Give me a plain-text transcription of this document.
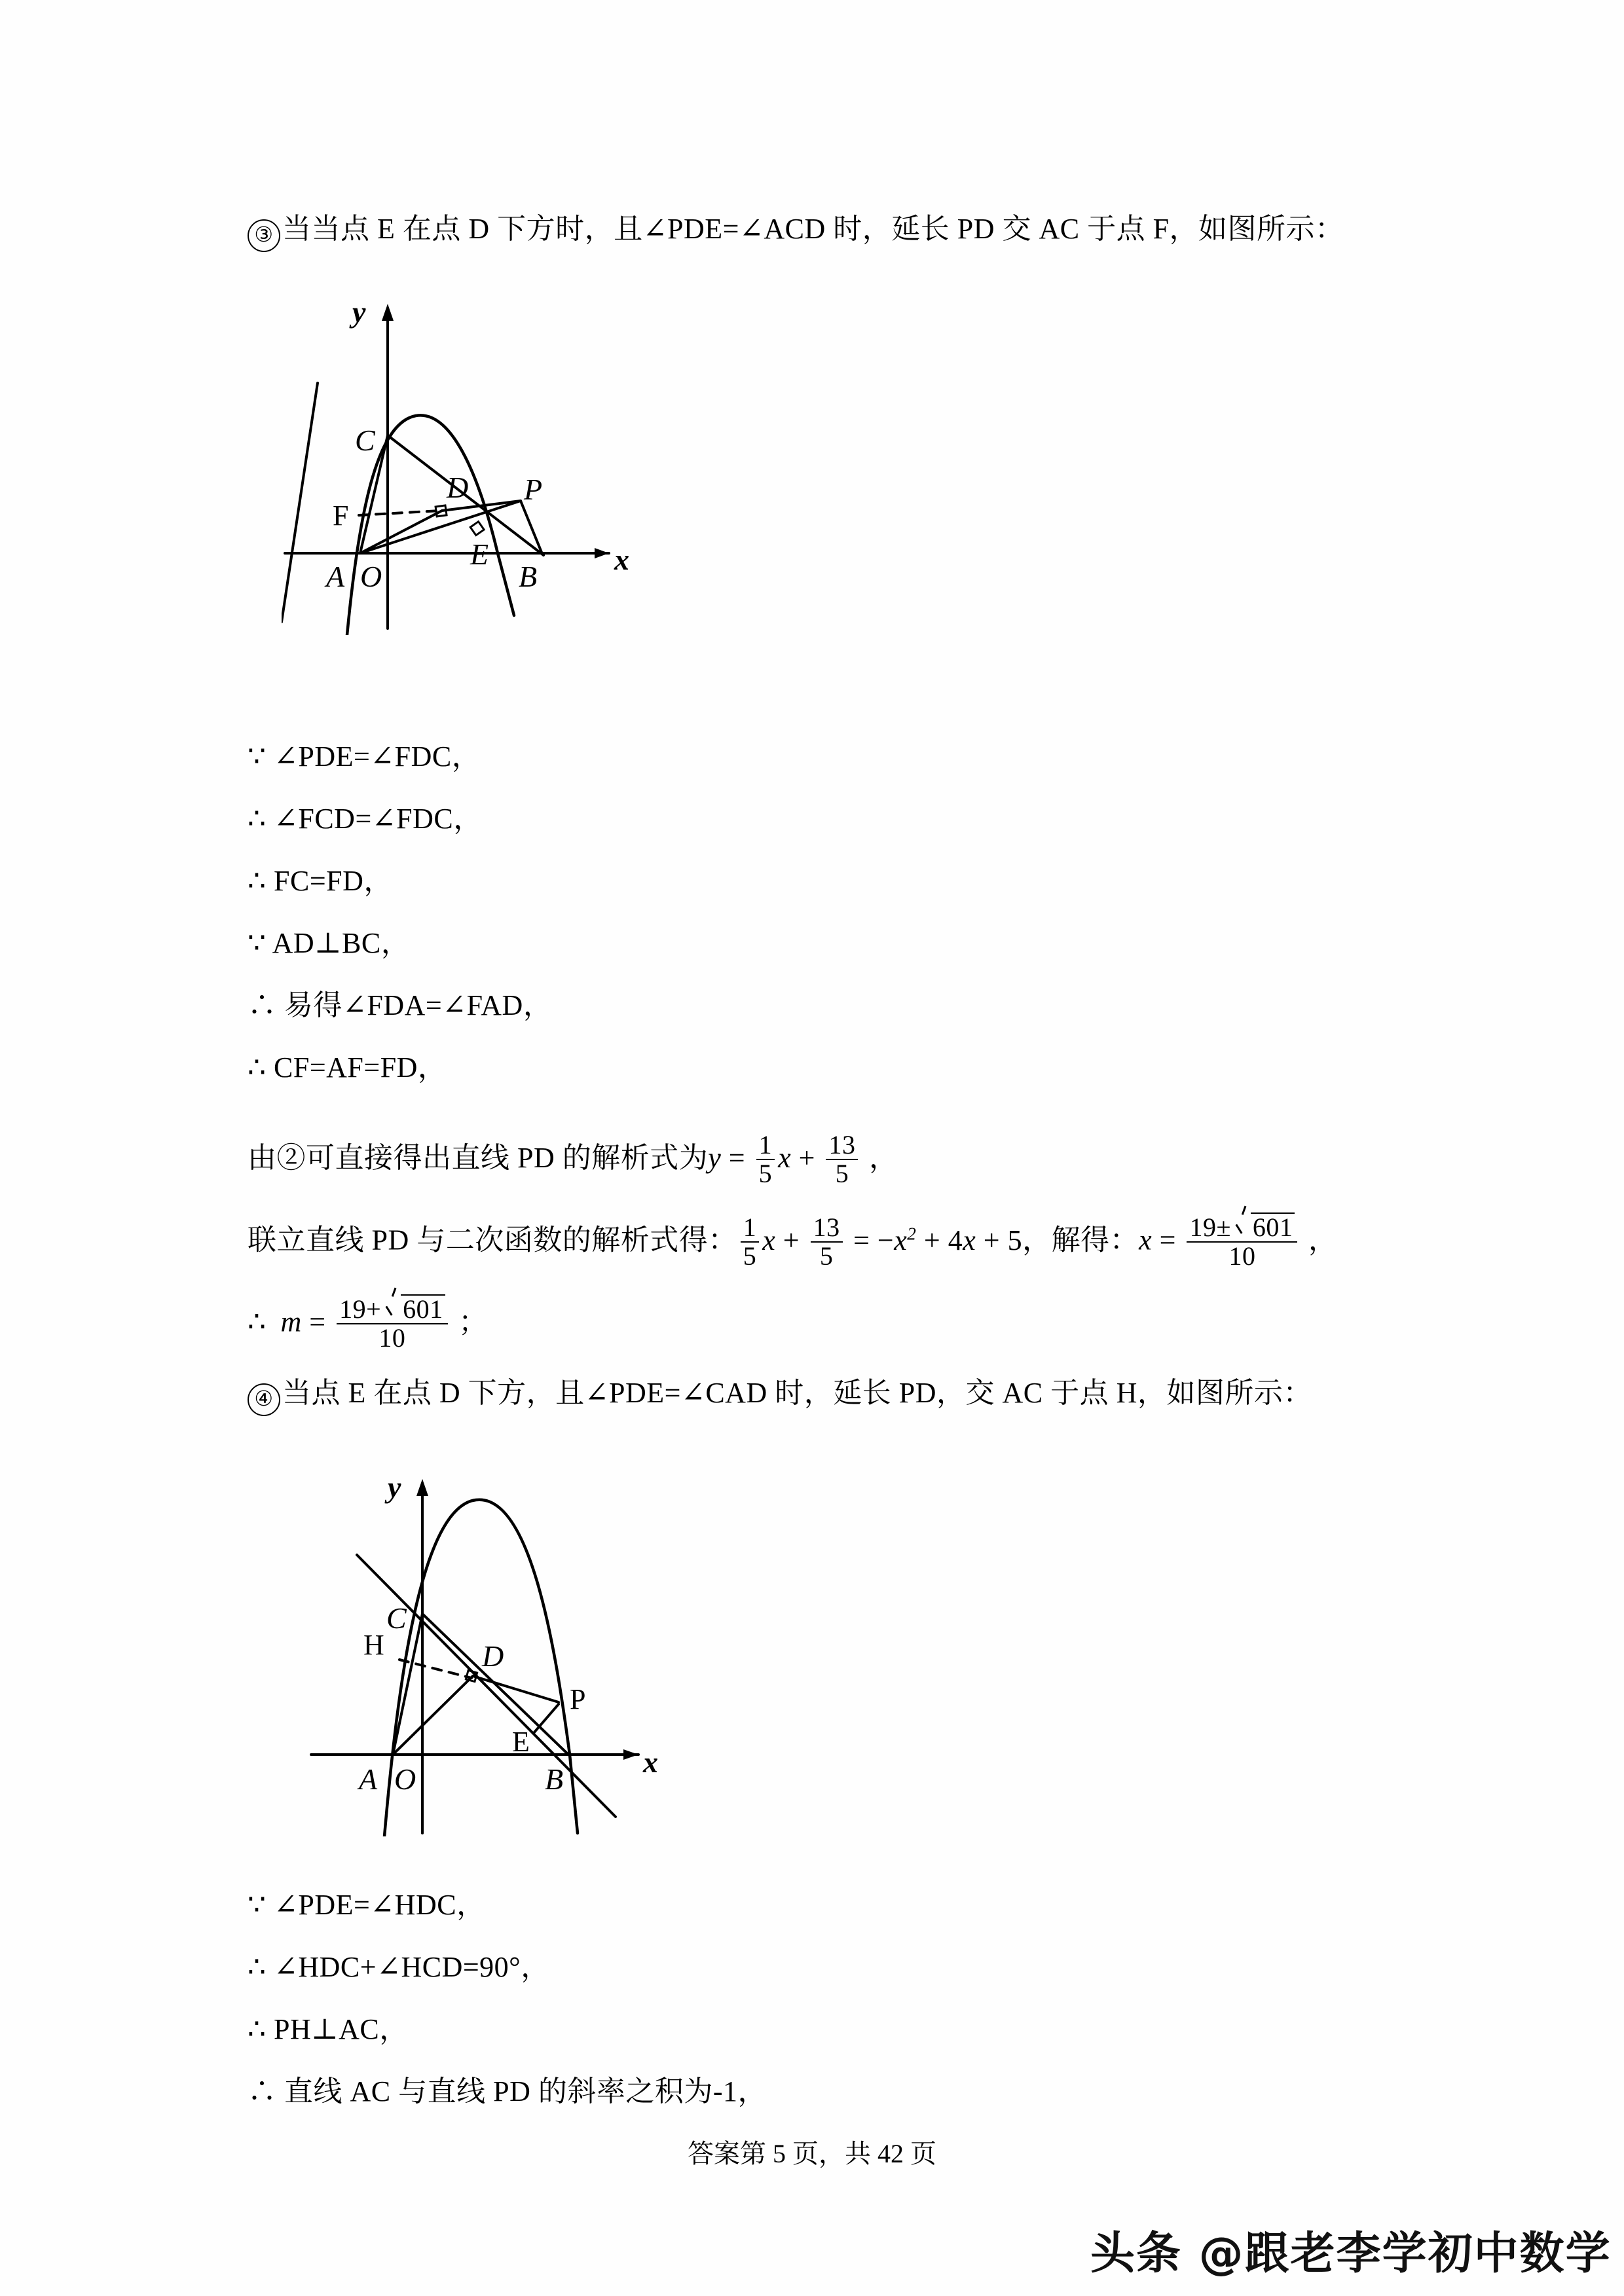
③ 当当点 E 在点 D 下方时，且∠PDE=∠ACD 时，延长 PD 交 AC 于点 F，如图所示：
y
x
C
D P
F
E
A O	B
∵ ∠PDE=∠FDC，
∴ ∠FCD=∠FDC，
∴ FC=FD，
∵ AD⊥BC，
∴ 易得∠FDA=∠FAD，
∴ CF=AF=FD，
由②可直接得出直线 PD 的解析式为$y = \frac{1}{5}$ $x + \frac{13}{5}$ ，
联立直线 PD 与二次函数的解析式得： $\frac{1}{5}$ $x + \frac{13}{5} = -x^2 + 4x + 5$，解得：$x = \frac{19\pm 601}{10}$ ，
∴ $m = \frac{19+ 601}{10}$ ；
④ 当点 E 在点 D 下方，且∠PDE=∠CAD 时，延长 PD，交 AC 于点 H，如图所示：
y
x
C
H	D
P
E
A O	B
∵ ∠PDE=∠HDC，
∴ ∠HDC+∠HCD=90°，
∴ PH⊥AC，
∴ 直线 AC 与直线 PD 的斜率之积为-1，
答案第 5 页，共 42 页
头条 @跟老李学初中数学
